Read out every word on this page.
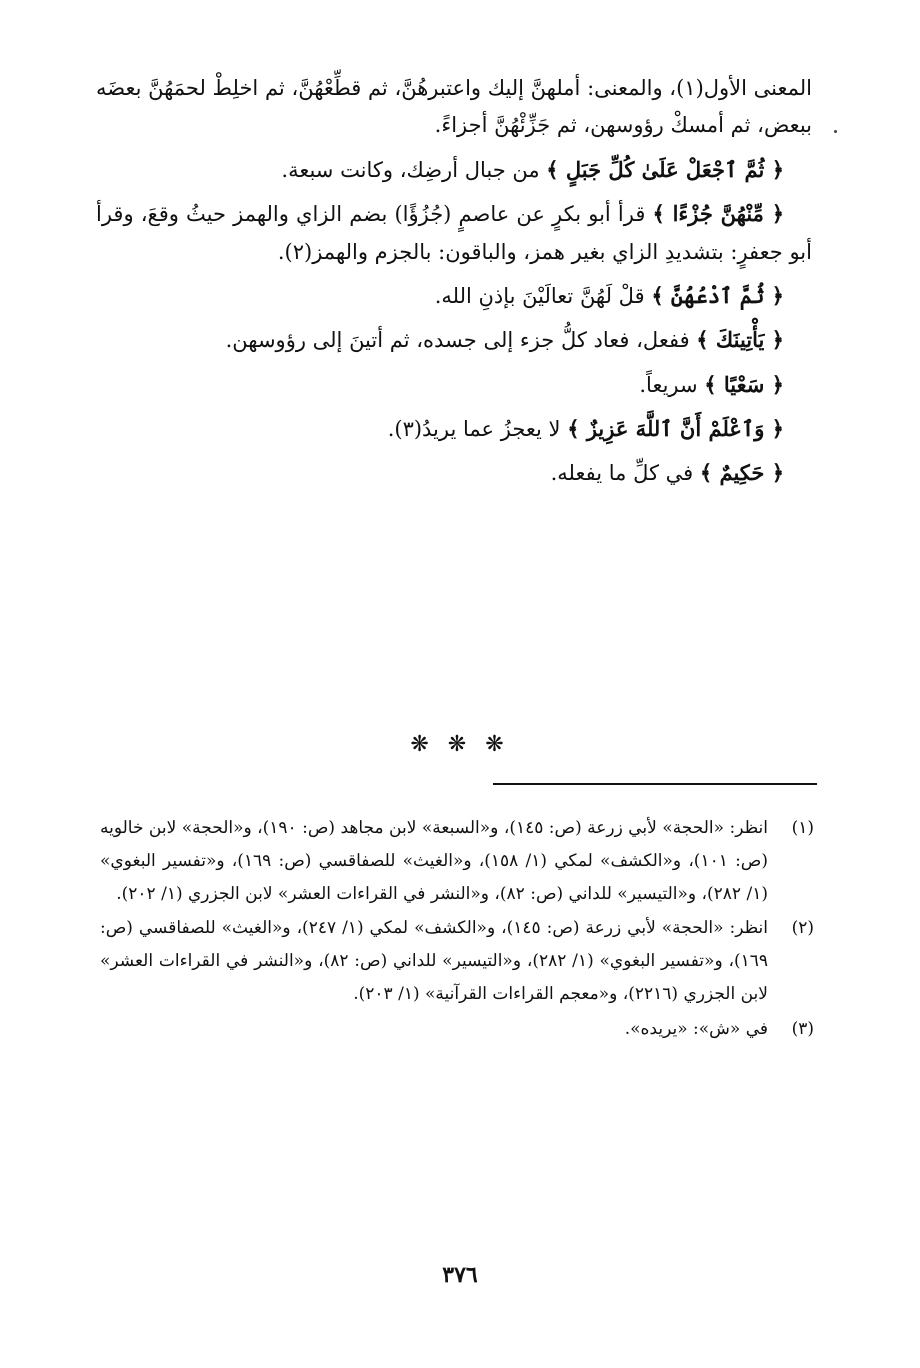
المعنى الأول(١)، والمعنى: أملهنَّ إليك واعتبرهُنَّ، ثم قطِّعْهُنَّ، ثم اخلِطْ لحمَهُنَّ بعضَه ببعض، ثم أمسكْ رؤوسهن، ثم جَزِّئْهُنَّ أجزاءً.

﴿ ثُمَّ ٱجْعَلْ عَلَىٰ كُلِّ جَبَلٍ ﴾ من جبال أرضِك، وكانت سبعة.

﴿ مِّنْهُنَّ جُزْءًا ﴾ قرأ أبو بكرٍ عن عاصمٍ (جُزُؤًا) بضم الزاي والهمز حيثُ وقعَ، وقرأ أبو جعفرٍ: بتشديدِ الزاي بغير همز، والباقون: بالجزم والهمز(٢).

﴿ ثُمَّ ٱدْعُهُنَّ ﴾ قلْ لَهُنَّ تعالَيْنَ بإذنِ الله.

﴿ يَأْتِينَكَ ﴾ ففعل، فعاد كلُّ جزء إلى جسده، ثم أتينَ إلى رؤوسهن.

﴿ سَعْيًا ﴾ سريعاً.

﴿ وَٱعْلَمْ أَنَّ ٱللَّهَ عَزِيزٌ ﴾ لا يعجزُ عما يريدُ(٣).

﴿ حَكِيمٌ ﴾ في كلِّ ما يفعله.

❋ ❋ ❋
(١)
انظر: «الحجة» لأبي زرعة (ص: ١٤٥)، و«السبعة» لابن مجاهد (ص: ١٩٠)، و«الحجة» لابن خالويه (ص: ١٠١)، و«الكشف» لمكي (١/ ١٥٨)، و«الغيث» للصفاقسي (ص: ١٦٩)، و«تفسير البغوي» (١/ ٢٨٢)، و«التيسير» للداني (ص: ٨٢)، و«النشر في القراءات العشر» لابن الجزري (١/ ٢٠٢).
(٢)
انظر: «الحجة» لأبي زرعة (ص: ١٤٥)، و«الكشف» لمكي (١/ ٢٤٧)، و«الغيث» للصفاقسي (ص: ١٦٩)، و«تفسير البغوي» (١/ ٢٨٢)، و«التيسير» للداني (ص: ٨٢)، و«النشر في القراءات العشر» لابن الجزري (٢٢١٦)، و«معجم القراءات القرآنية» (١/ ٢٠٣).
(٣)
في «ش»: «يريده».
٣٧٦
